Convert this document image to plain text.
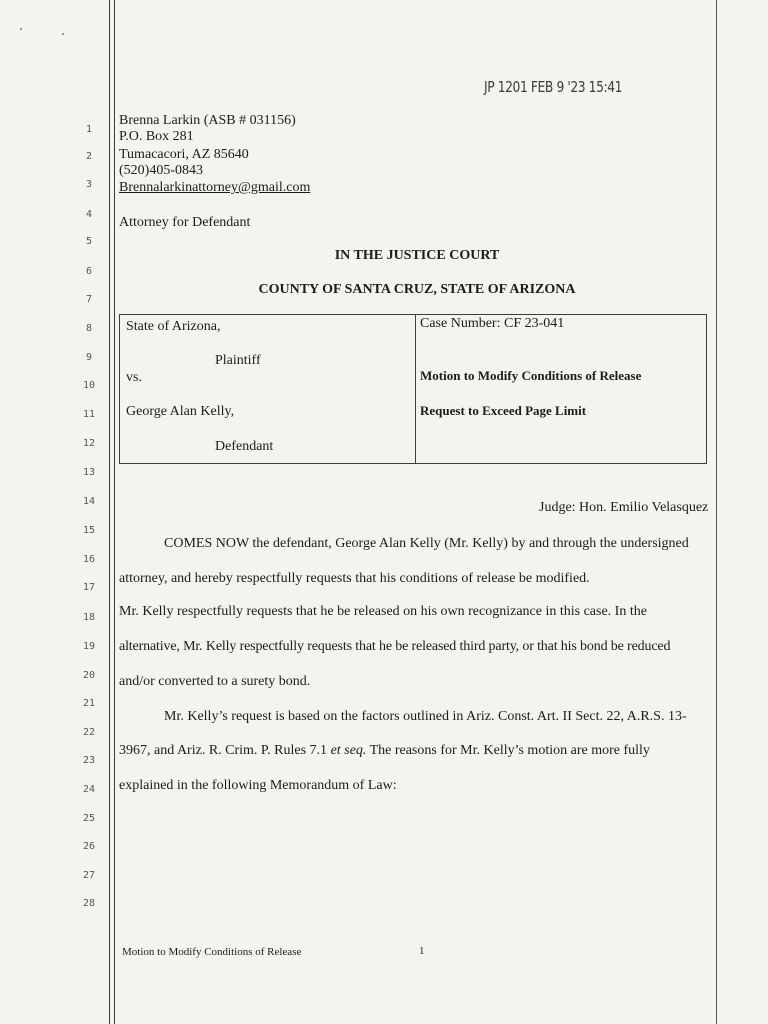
JP 1201 FEB 9 '23 15:41
1
2
3
4
5
6
7
8
9
10
11
12
13
14
15
16
17
18
19
20
21
22
23
24
25
26
27
28
Brenna Larkin (ASB # 031156)
P.O. Box 281
Tumacacori, AZ 85640
(520)405-0843
Brennalarkinattorney@gmail.com
Attorney for Defendant
IN THE JUSTICE COURT
COUNTY OF SANTA CRUZ, STATE OF ARIZONA
State of Arizona,
Plaintiff
vs.
George Alan Kelly,
Defendant
Case Number: CF 23-041
Motion to Modify Conditions of Release
Request to Exceed Page Limit
Judge: Hon. Emilio Velasquez
COMES NOW the defendant, George Alan Kelly (Mr. Kelly) by and through the undersigned
attorney, and hereby respectfully requests that his conditions of release be modified.
Mr. Kelly respectfully requests that he be released on his own recognizance in this case. In the
alternative, Mr. Kelly respectfully requests that he be released third party, or that his bond be reduced
and/or converted to a surety bond.
Mr. Kelly’s request is based on the factors outlined in Ariz. Const. Art. II Sect. 22, A.R.S. 13-
3967, and Ariz. R. Crim. P. Rules 7.1 et seq. The reasons for Mr. Kelly’s motion are more fully
explained in the following Memorandum of Law:
Motion to Modify Conditions of Release	1
